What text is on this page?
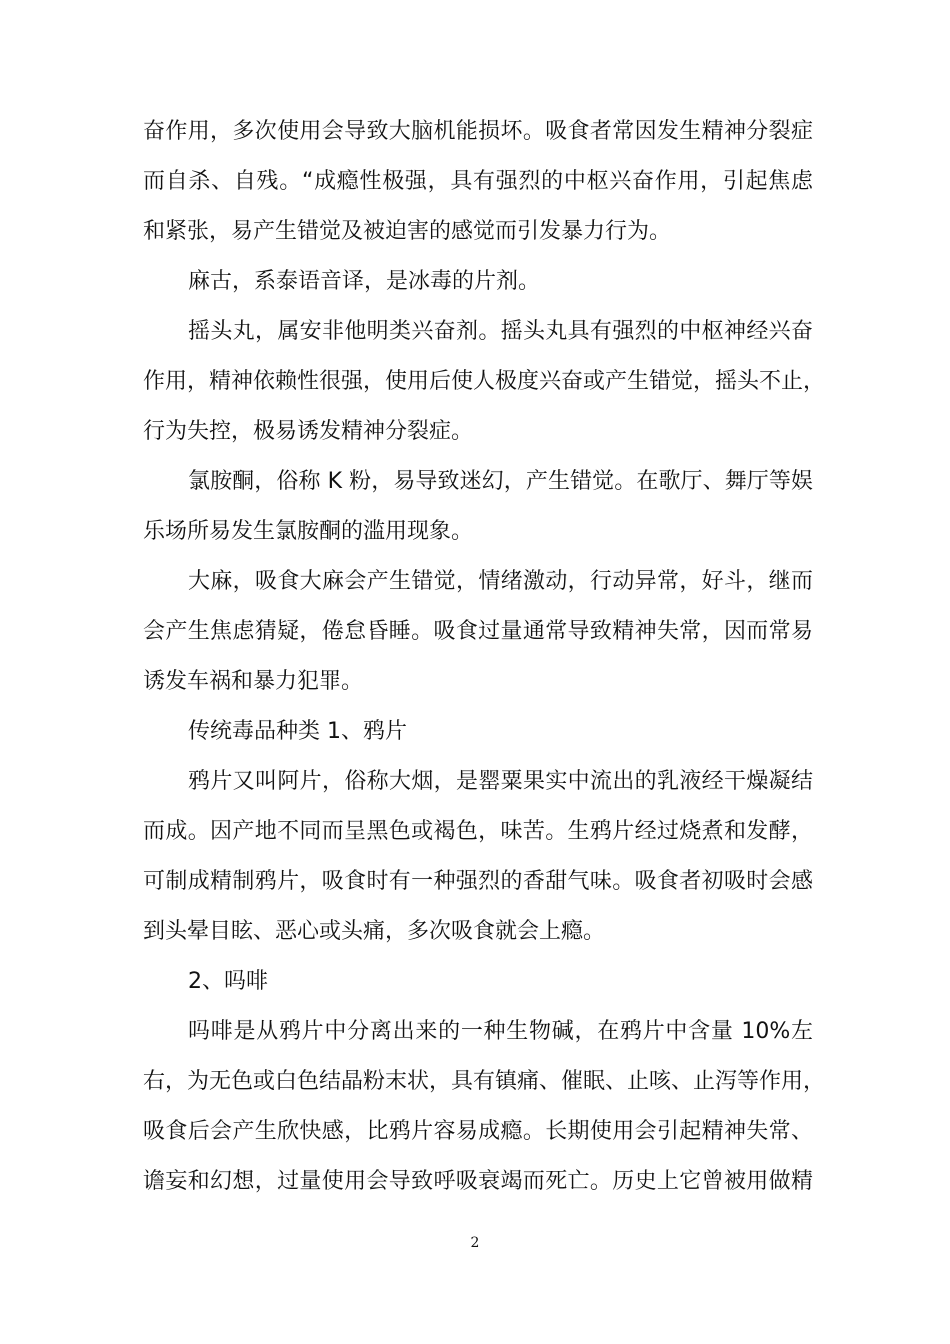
奋作用，多次使用会导致大脑机能损坏。吸食者常因发生精神分裂症
而自杀、自残。“成瘾性极强，具有强烈的中枢兴奋作用，引起焦虑
和紧张，易产生错觉及被迫害的感觉而引发暴力行为。
麻古，系泰语音译，是冰毒的片剂。
摇头丸，属安非他明类兴奋剂。摇头丸具有强烈的中枢神经兴奋
作用，精神依赖性很强，使用后使人极度兴奋或产生错觉，摇头不止，
行为失控，极易诱发精神分裂症。
氯胺酮，俗称 K 粉，易导致迷幻，产生错觉。在歌厅、舞厅等娱
乐场所易发生氯胺酮的滥用现象。
大麻，吸食大麻会产生错觉，情绪激动，行动异常，好斗，继而
会产生焦虑猜疑，倦怠昏睡。吸食过量通常导致精神失常，因而常易
诱发车祸和暴力犯罪。
传统毒品种类 1、鸦片
鸦片又叫阿片，俗称大烟，是罂粟果实中流出的乳液经干燥凝结
而成。因产地不同而呈黑色或褐色，味苦。生鸦片经过烧煮和发酵，
可制成精制鸦片，吸食时有一种强烈的香甜气味。吸食者初吸时会感
到头晕目眩、恶心或头痛，多次吸食就会上瘾。
2、吗啡
吗啡是从鸦片中分离出来的一种生物碱，在鸦片中含量 10%左
右，为无色或白色结晶粉末状，具有镇痛、催眠、止咳、止泻等作用，
吸食后会产生欣快感，比鸦片容易成瘾。长期使用会引起精神失常、
谵妄和幻想，过量使用会导致呼吸衰竭而死亡。历史上它曾被用做精
2
